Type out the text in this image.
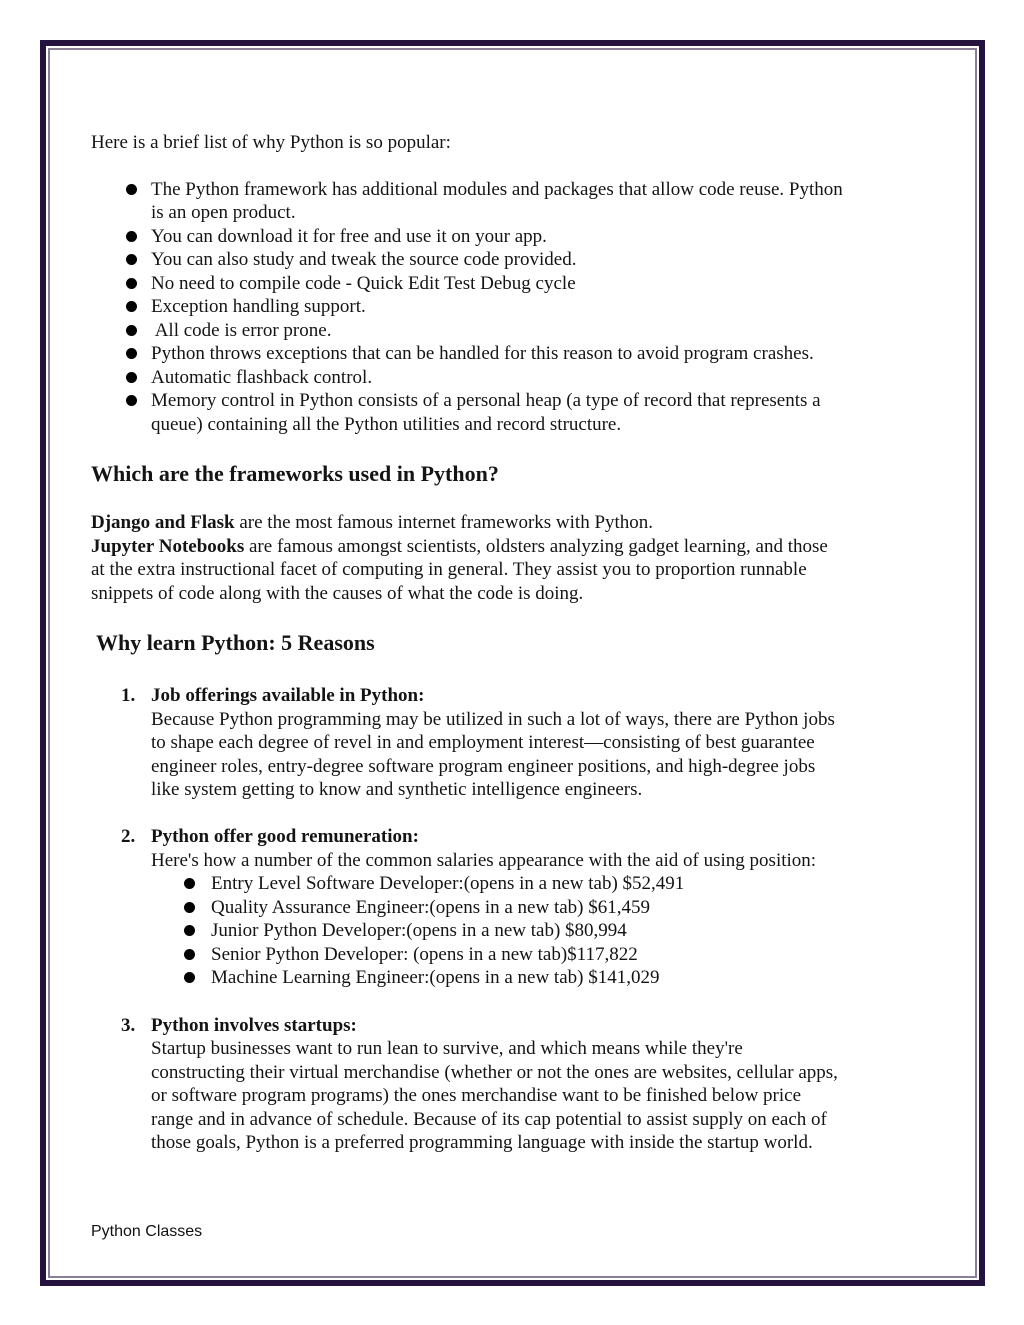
Here is a brief list of why Python is so popular:
The Python framework has additional modules and packages that allow code reuse. Python
is an open product.
You can download it for free and use it on your app.
You can also study and tweak the source code provided.
No need to compile code - Quick Edit Test Debug cycle
Exception handling support.
All code is error prone.
Python throws exceptions that can be handled for this reason to avoid program crashes.
Automatic flashback control.
Memory control in Python consists of a personal heap (a type of record that represents a
queue) containing all the Python utilities and record structure.
Which are the frameworks used in Python?
Django and Flask are the most famous internet frameworks with Python.
Jupyter Notebooks are famous amongst scientists, oldsters analyzing gadget learning, and those
at the extra instructional facet of computing in general. They assist you to proportion runnable
snippets of code along with the causes of what the code is doing.
Why learn Python: 5 Reasons
1. Job offerings available in Python:
Because Python programming may be utilized in such a lot of ways, there are Python jobs
to shape each degree of revel in and employment interest—consisting of best guarantee
engineer roles, entry-degree software program engineer positions, and high-degree jobs
like system getting to know and synthetic intelligence engineers.
2. Python offer good remuneration:
Here's how a number of the common salaries appearance with the aid of using position:
Entry Level Software Developer:(opens in a new tab) $52,491
Quality Assurance Engineer:(opens in a new tab) $61,459
Junior Python Developer:(opens in a new tab) $80,994
Senior Python Developer: (opens in a new tab)$117,822
Machine Learning Engineer:(opens in a new tab) $141,029
3. Python involves startups:
Startup businesses want to run lean to survive, and which means while they're
constructing their virtual merchandise (whether or not the ones are websites, cellular apps,
or software program programs) the ones merchandise want to be finished below price
range and in advance of schedule. Because of its cap potential to assist supply on each of
those goals, Python is a preferred programming language with inside the startup world.
Python Classes
